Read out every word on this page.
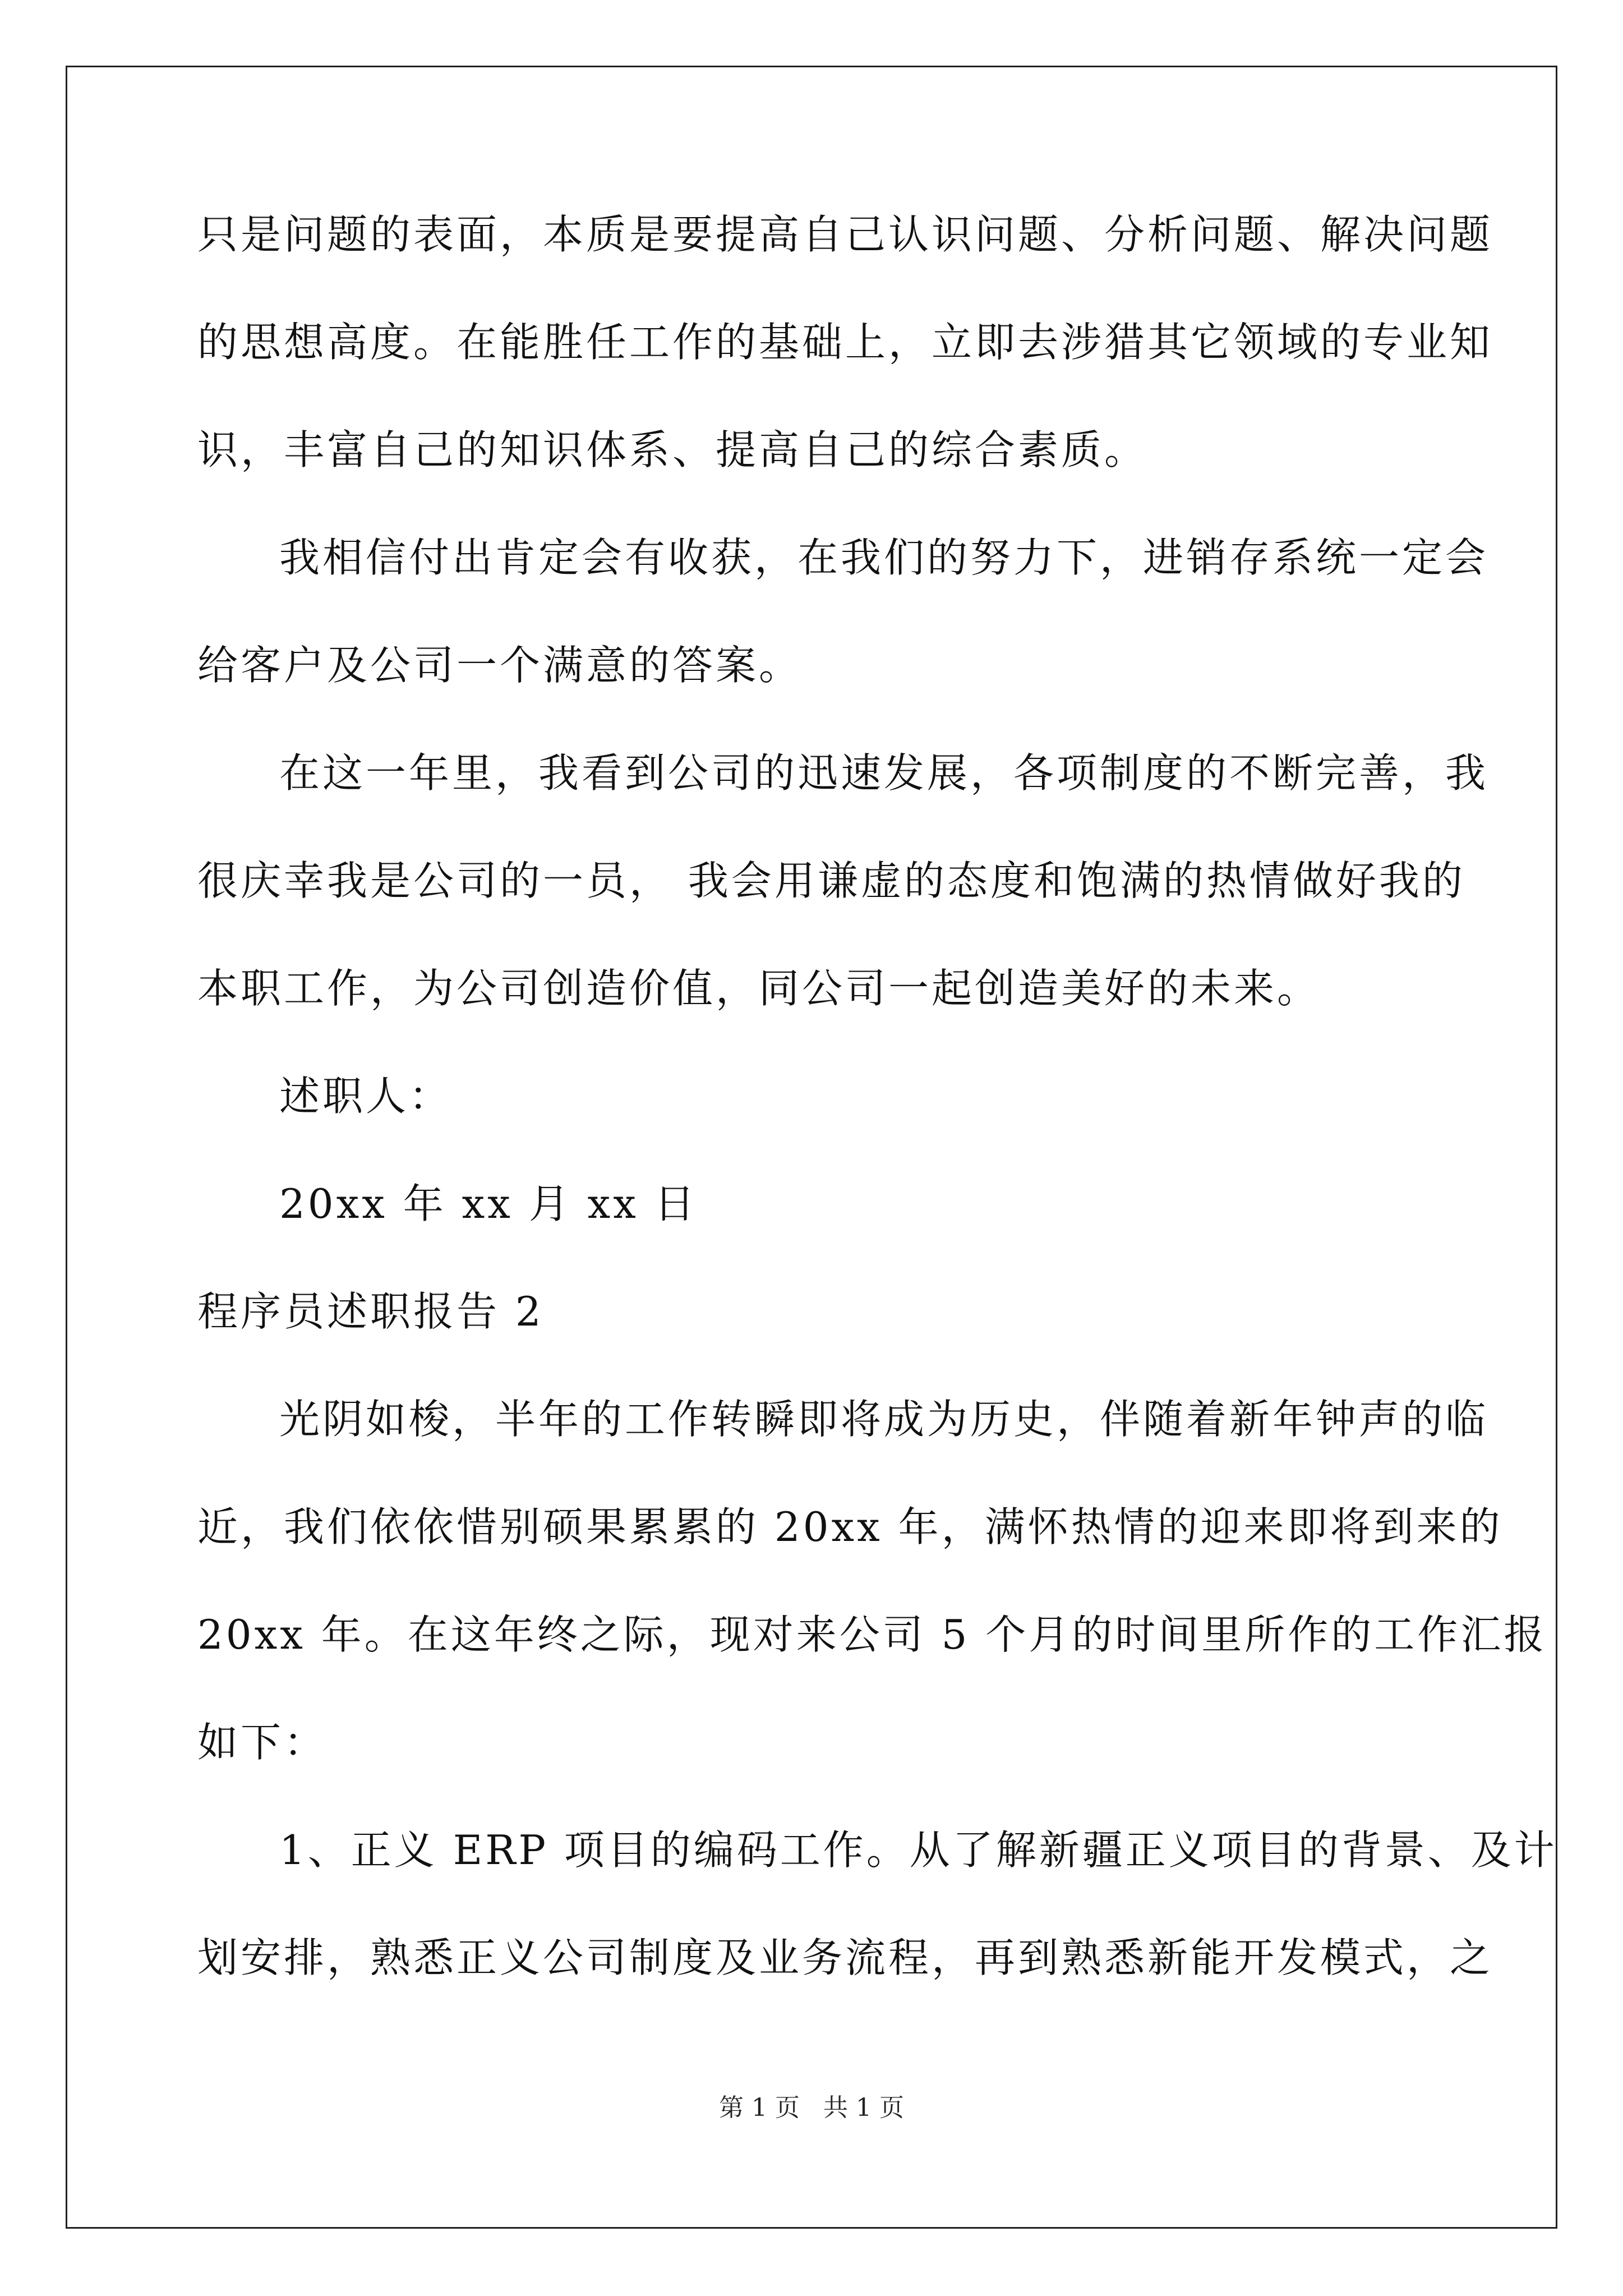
只是问题的表面，本质是要提高自己认识问题、分析问题、解决问题
的思想高度。在能胜任工作的基础上，立即去涉猎其它领域的专业知
识，丰富自己的知识体系、提高自己的综合素质。
我相信付出肯定会有收获，在我们的努力下，进销存系统一定会
给客户及公司一个满意的答案。
在这一年里，我看到公司的迅速发展，各项制度的不断完善，我
很庆幸我是公司的一员， 我会用谦虚的态度和饱满的热情做好我的
本职工作，为公司创造价值，同公司一起创造美好的未来。
述职人：
20xx 年 xx 月 xx 日
程序员述职报告 2
光阴如梭，半年的工作转瞬即将成为历史，伴随着新年钟声的临
近，我们依依惜别硕果累累的 20xx 年，满怀热情的迎来即将到来的
20xx 年。在这年终之际，现对来公司 5 个月的时间里所作的工作汇报
如下：
1、正义 ERP 项目的编码工作。从了解新疆正义项目的背景、及计
划安排，熟悉正义公司制度及业务流程，再到熟悉新能开发模式，之
第 1 页   共 1 页
